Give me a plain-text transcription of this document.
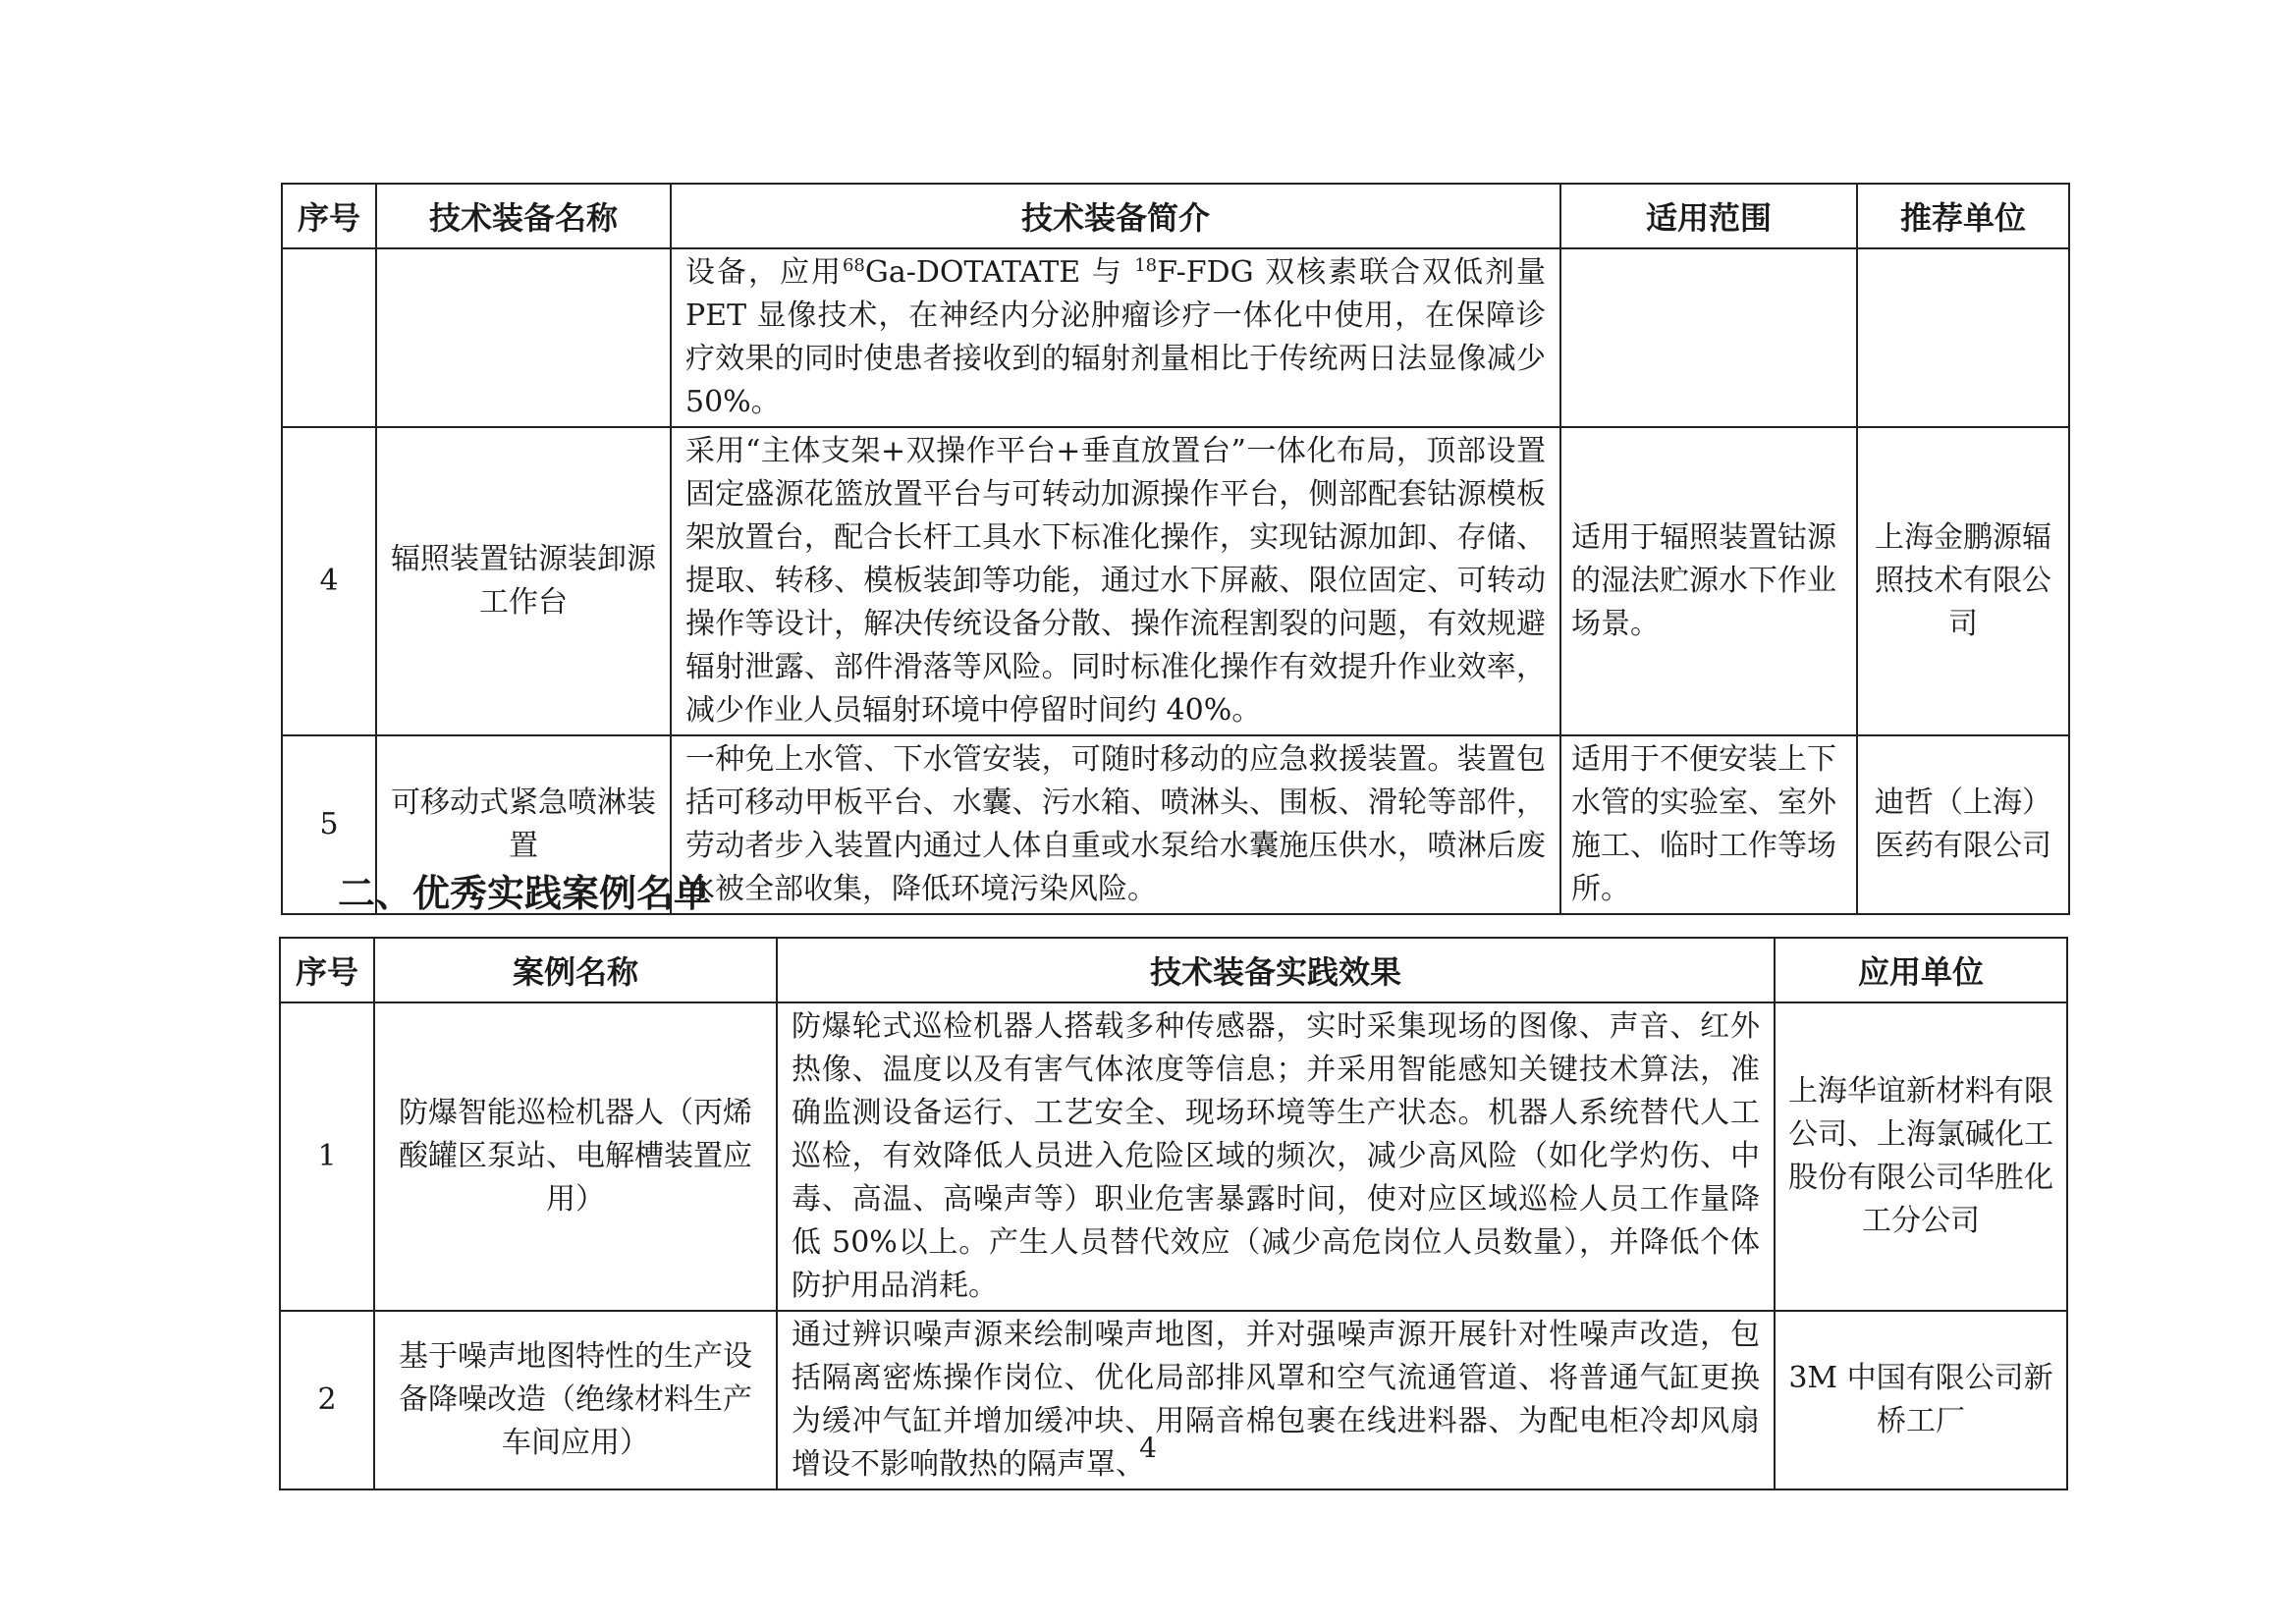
序号	技术装备名称	技术装备简介	适用范围	推荐单位
		设备，应用$^{68}$Ga-DOTATATE 与 $^{18}$F-FDG 双核素联合双低剂量 PET 显像技术，在神经内分泌肿瘤诊疗一体化中使用，在保障诊疗效果的同时使患者接收到的辐射剂量相比于传统两日法显像减少 50%。		
4	辐照装置钴源装卸源工作台	采用“主体支架+双操作平台+垂直放置台”一体化布局，顶部设置固定盛源花篮放置平台与可转动加源操作平台，侧部配套钴源模板架放置台，配合长杆工具水下标准化操作，实现钴源加卸、存储、提取、转移、模板装卸等功能，通过水下屏蔽、限位固定、可转动操作等设计，解决传统设备分散、操作流程割裂的问题，有效规避辐射泄露、部件滑落等风险。同时标准化操作有效提升作业效率，减少作业人员辐射环境中停留时间约 40%。	适用于辐照装置钴源的湿法贮源水下作业场景。	上海金鹏源辐照技术有限公司
5	可移动式紧急喷淋装置	一种免上水管、下水管安装，可随时移动的应急救援装置。装置包括可移动甲板平台、水囊、污水箱、喷淋头、围板、滑轮等部件，劳动者步入装置内通过人体自重或水泵给水囊施压供水，喷淋后废水被全部收集，降低环境污染风险。	适用于不便安装上下水管的实验室、室外施工、临时工作等场所。	迪哲（上海）医药有限公司
二、优秀实践案例名单
序号	案例名称	技术装备实践效果	应用单位
1	防爆智能巡检机器人（丙烯酸罐区泵站、电解槽装置应用）	防爆轮式巡检机器人搭载多种传感器，实时采集现场的图像、声音、红外热像、温度以及有害气体浓度等信息；并采用智能感知关键技术算法，准确监测设备运行、工艺安全、现场环境等生产状态。机器人系统替代人工巡检，有效降低人员进入危险区域的频次，减少高风险（如化学灼伤、中毒、高温、高噪声等）职业危害暴露时间，使对应区域巡检人员工作量降低 50%以上。产生人员替代效应（减少高危岗位人员数量），并降低个体防护用品消耗。	上海华谊新材料有限公司、上海氯碱化工股份有限公司华胜化工分公司
2	基于噪声地图特性的生产设备降噪改造（绝缘材料生产车间应用）	通过辨识噪声源来绘制噪声地图，并对强噪声源开展针对性噪声改造，包括隔离密炼操作岗位、优化局部排风罩和空气流通管道、将普通气缸更换为缓冲气缸并增加缓冲块、用隔音棉包裹在线进料器、为配电柜冷却风扇增设不影响散热的隔声罩、	3M 中国有限公司新桥工厂
4
